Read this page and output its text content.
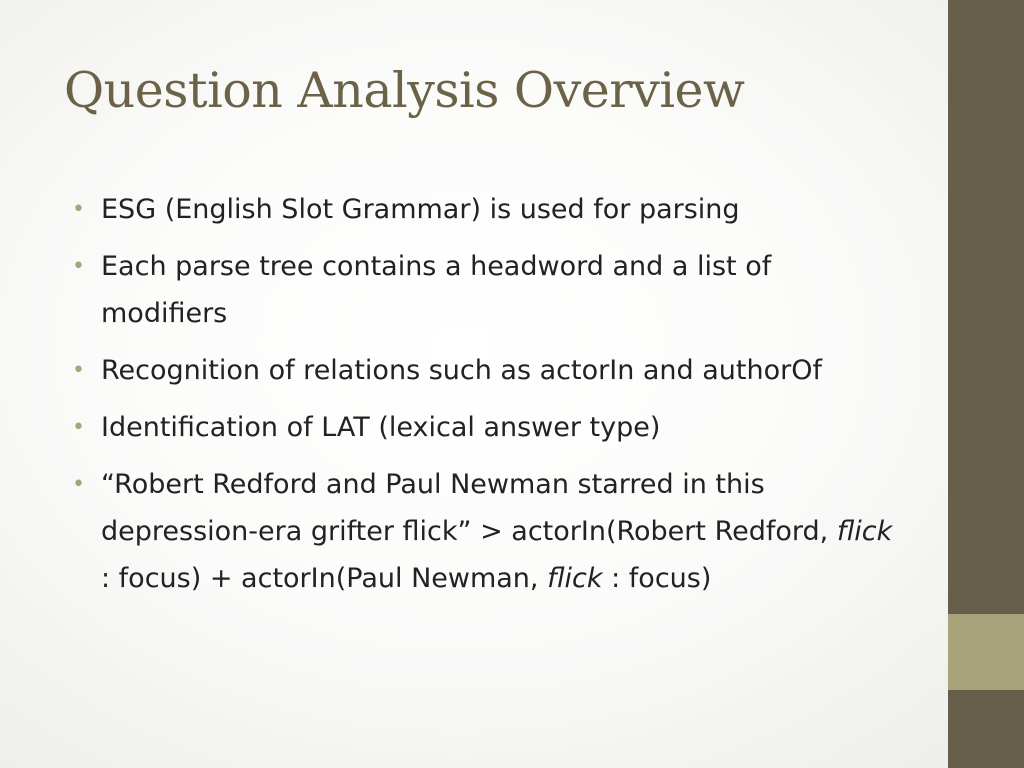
Question Analysis Overview
• ESG (English Slot Grammar) is used for parsing
• Each parse tree contains a headword and a list of modifiers
• Recognition of relations such as actorIn and authorOf
• Identification of LAT (lexical answer type)
• “Robert Redford and Paul Newman starred in this depression-era grifter flick” > actorIn(Robert Redford, flick : focus) + actorIn(Paul Newman, flick : focus)
